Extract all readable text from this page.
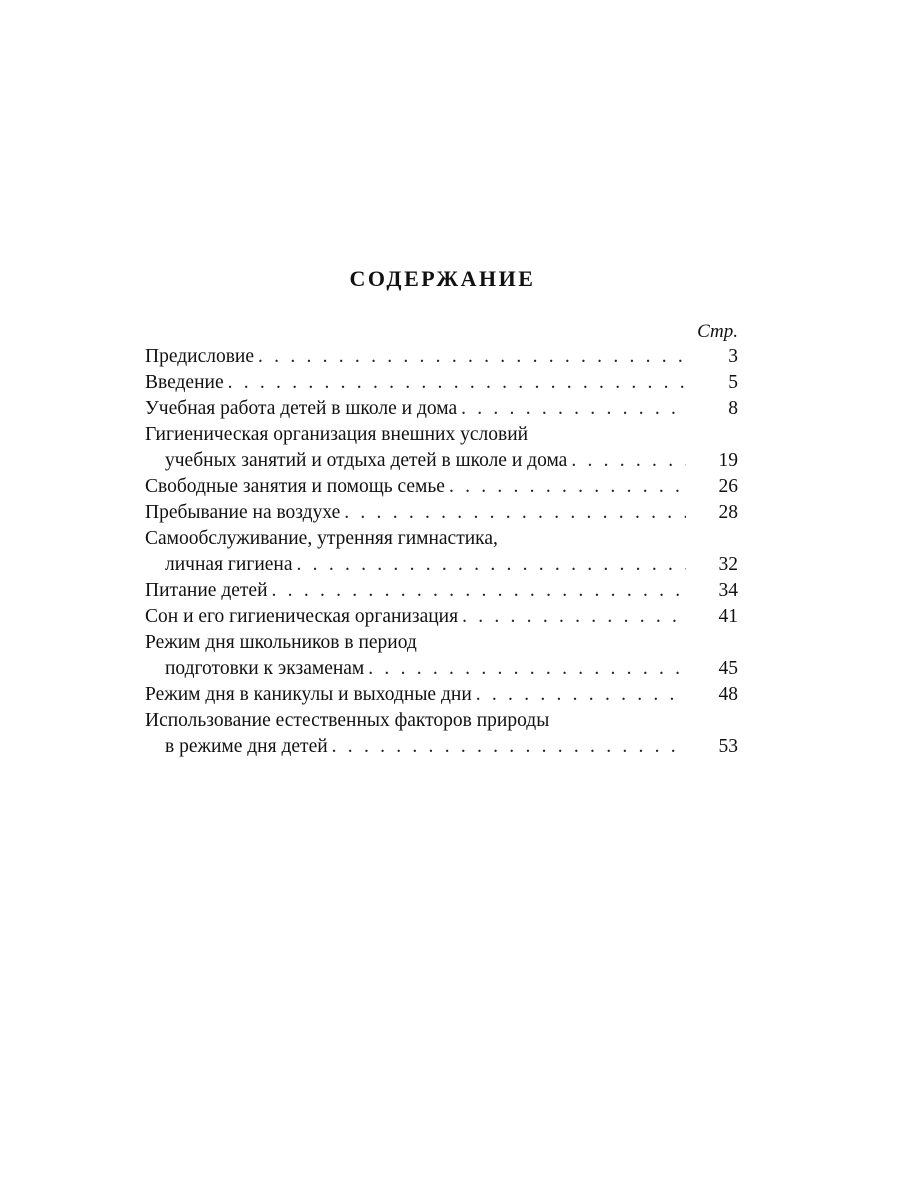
СОДЕРЖАНИЕ
Стр.
Предисловие . . .	3
Введение . . .	5
Учебная работа детей в школе и дома . . .	8
Гигиеническая организация внешних условий
учебных занятий и отдыха детей в школе и дома . . .	19
Свободные занятия и помощь семье . . .	26
Пребывание на воздухе . . .	28
Самообслуживание, утренняя гимнастика,
личная гигиена . . .	32
Питание детей . . .	34
Сон и его гигиеническая организация . . .	41
Режим дня школьников в период
подготовки к экзаменам . . .	45
Режим дня в каникулы и выходные дни . . .	48
Использование естественных факторов природы
в режиме дня детей . . .	53
